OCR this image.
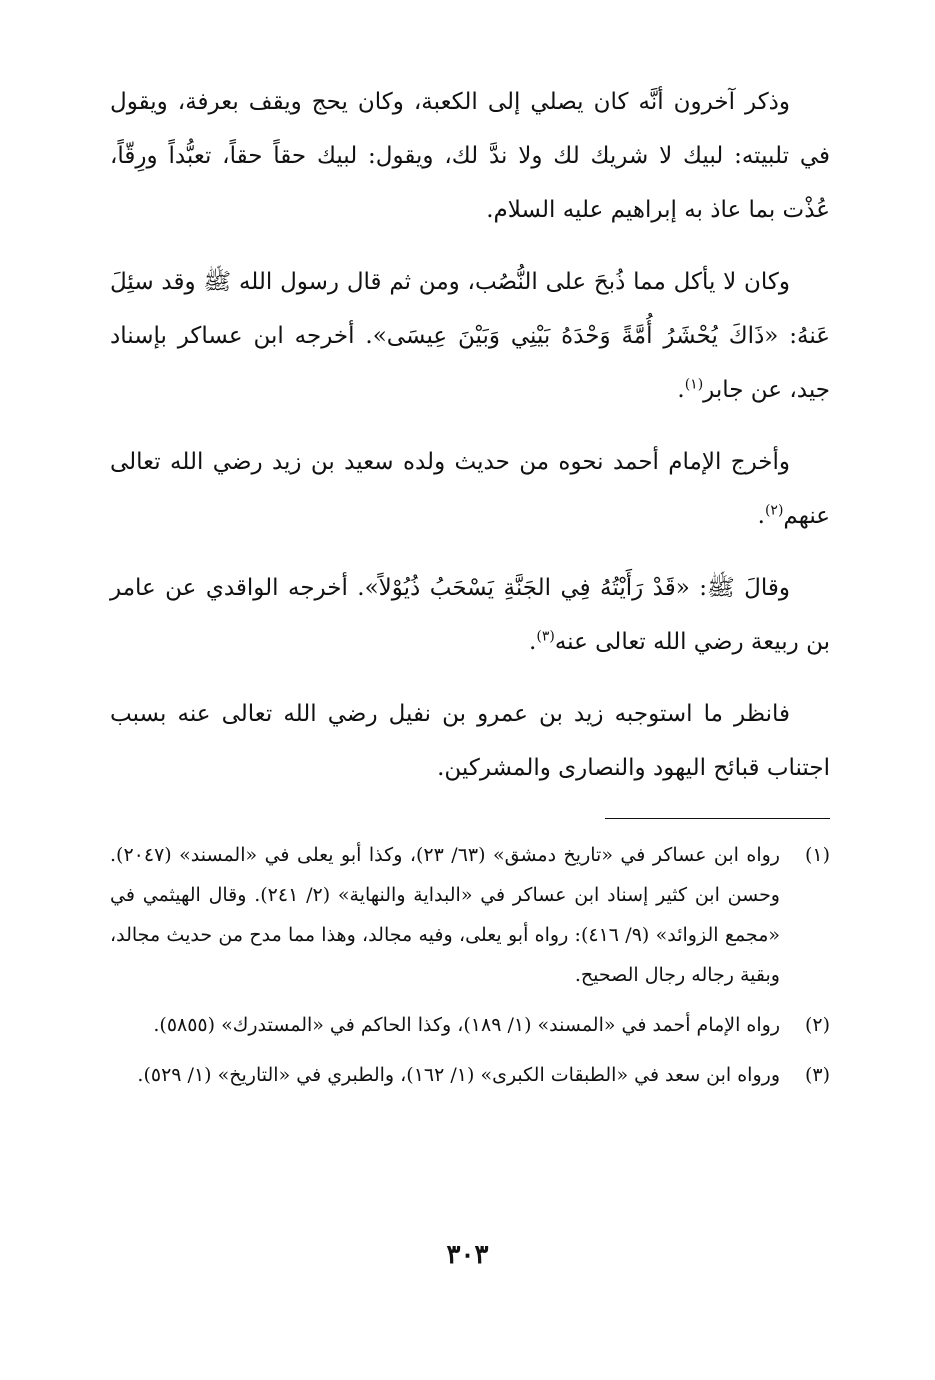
وذكر آخرون أنَّه كان يصلي إلى الكعبة، وكان يحج ويقف بعرفة، ويقول في تلبيته: لبيك لا شريك لك ولا ندَّ لك، ويقول: لبيك حقاً حقاً، تعبُّداً ورِقّاً، عُذْت بما عاذ به إبراهيم عليه السلام.

وكان لا يأكل مما ذُبحَ على النُّصُب، ومن ثم قال رسول الله ﷺ وقد سئِلَ عَنهُ: «ذَاكَ يُحْشَرُ أُمَّةً وَحْدَهُ بَيْنِي وَبَيْنَ عِيسَى». أخرجه ابن عساكر بإسناد جيد، عن جابر$^{(١)}$.

وأخرج الإمام أحمد نحوه من حديث ولده سعيد بن زيد رضي الله تعالى عنهم$^{(٢)}$.

وقالَ ﷺ: «قَدْ رَأَيْتُهُ فِي الجَنَّةِ يَسْحَبُ ذُيُوْلاً». أخرجه الواقدي عن عامر بن ربيعة رضي الله تعالى عنه$^{(٣)}$.

فانظر ما استوجبه زيد بن عمرو بن نفيل رضي الله تعالى عنه بسبب اجتناب قبائح اليهود والنصارى والمشركين.

(١)
رواه ابن عساكر في «تاريخ دمشق» (٦٣/ ٢٣)، وكذا أبو يعلى في «المسند» (٢٠٤٧). وحسن ابن كثير إسناد ابن عساكر في «البداية والنهاية» (٢/ ٢٤١). وقال الهيثمي في «مجمع الزوائد» (٩/ ٤١٦): رواه أبو يعلى، وفيه مجالد، وهذا مما مدح من حديث مجالد، وبقية رجاله رجال الصحيح.
(٢)
رواه الإمام أحمد في «المسند» (١/ ١٨٩)، وكذا الحاكم في «المستدرك» (٥٨٥٥).
(٣)
ورواه ابن سعد في «الطبقات الكبرى» (١/ ١٦٢)، والطبري في «التاريخ» (١/ ٥٢٩).
٣٠٣
